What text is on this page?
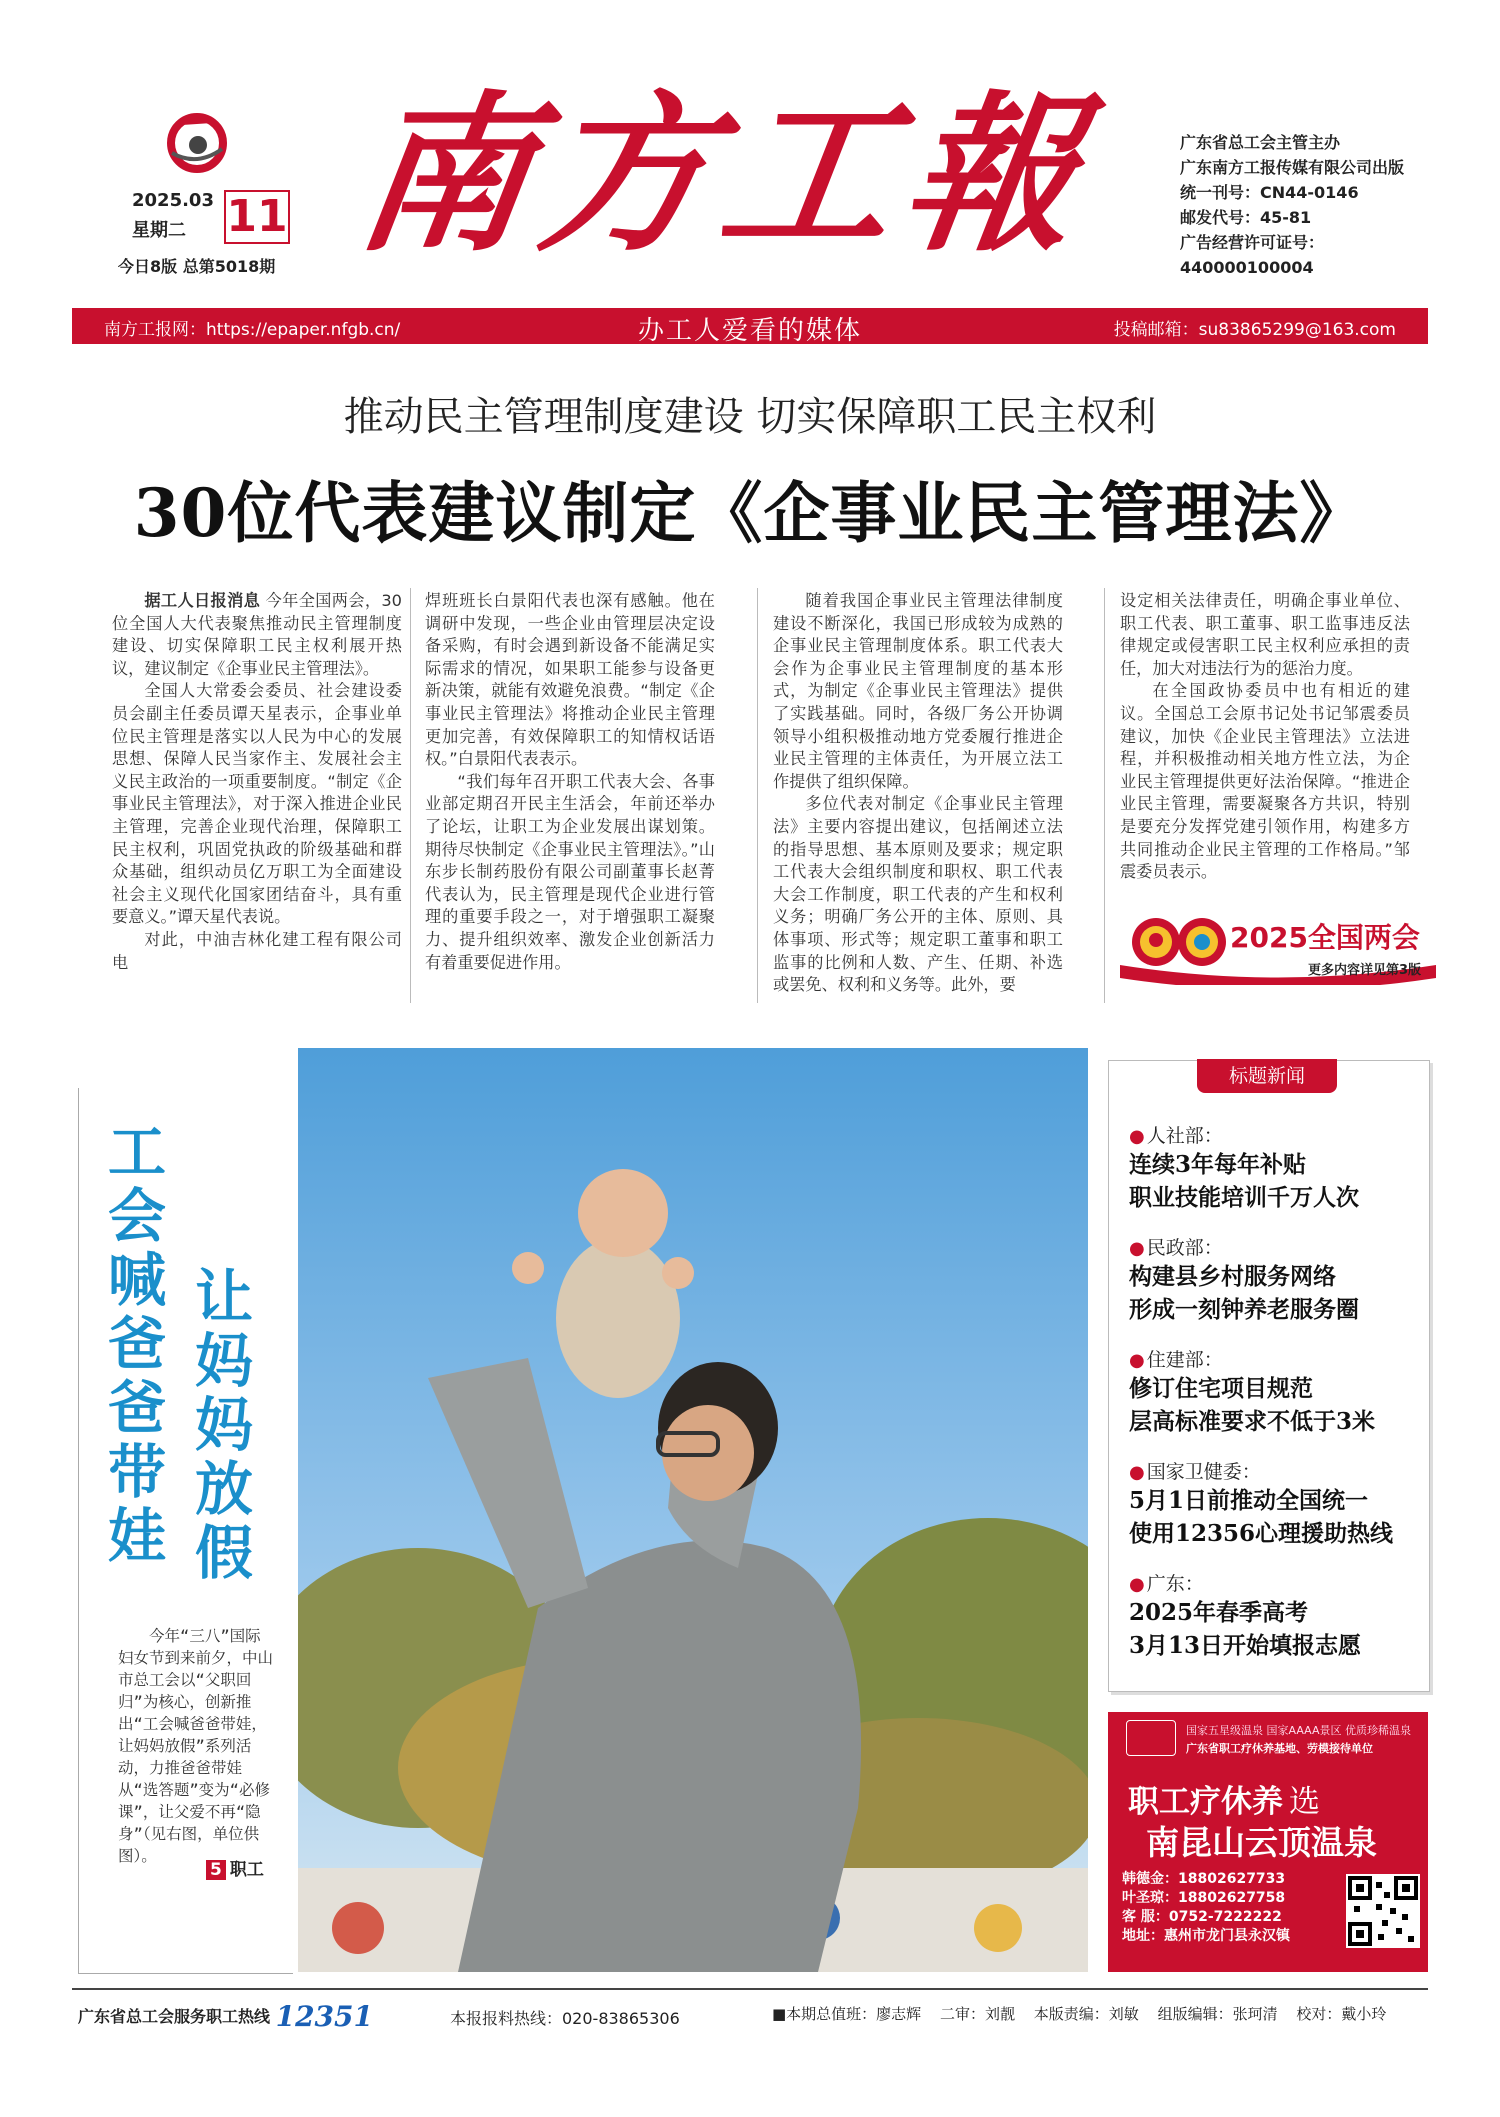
2025.03
星期二 11
今日8版 总第5018期 南方工報	广东省总工会主管主办
广东南方工报传媒有限公司出版
统一刊号：CN44-0146
邮发代号：45-81
广告经营许可证号：
440000100004
南方工报网：https://epaper.nfgb.cn/	办工人爱看的媒体	投稿邮箱：su83865299@163.com
推动民主管理制度建设 切实保障职工民主权利
30位代表建议制定《企事业民主管理法》

据工人日报消息 今年全国两会，30位全国人大代表聚焦推动民主管理制度建设、切实保障职工民主权利展开热议，建议制定《企事业民主管理法》。

全国人大常委会委员、社会建设委员会副主任委员谭天星表示，企事业单位民主管理是落实以人民为中心的发展思想、保障人民当家作主、发展社会主义民主政治的一项重要制度。“制定《企事业民主管理法》，对于深入推进企业民主管理，完善企业现代治理，保障职工民主权利，巩固党执政的阶级基础和群众基础，组织动员亿万职工为全面建设社会主义现代化国家团结奋斗，具有重要意义。”谭天星代表说。

对此，中油吉林化建工程有限公司电

焊班班长白景阳代表也深有感触。他在调研中发现，一些企业由管理层决定设备采购，有时会遇到新设备不能满足实际需求的情况，如果职工能参与设备更新决策，就能有效避免浪费。“制定《企事业民主管理法》将推动企业民主管理更加完善，有效保障职工的知情权话语权。”白景阳代表表示。

“我们每年召开职工代表大会、各事业部定期召开民主生活会，年前还举办了论坛，让职工为企业发展出谋划策。期待尽快制定《企事业民主管理法》。”山东步长制药股份有限公司副董事长赵菁代表认为，民主管理是现代企业进行管理的重要手段之一，对于增强职工凝聚力、提升组织效率、激发企业创新活力有着重要促进作用。

随着我国企事业民主管理法律制度建设不断深化，我国已形成较为成熟的企事业民主管理制度体系。职工代表大会作为企事业民主管理制度的基本形式，为制定《企事业民主管理法》提供了实践基础。同时，各级厂务公开协调领导小组积极推动地方党委履行推进企业民主管理的主体责任，为开展立法工作提供了组织保障。

多位代表对制定《企事业民主管理法》主要内容提出建议，包括阐述立法的指导思想、基本原则及要求；规定职工代表大会组织制度和职权、职工代表大会工作制度，职工代表的产生和权利义务；明确厂务公开的主体、原则、具体事项、形式等；规定职工董事和职工监事的比例和人数、产生、任期、补选或罢免、权利和义务等。此外，要

设定相关法律责任，明确企事业单位、职工代表、职工董事、职工监事违反法律规定或侵害职工民主权利应承担的责任，加大对违法行为的惩治力度。

在全国政协委员中也有相近的建议。全国总工会原书记处书记邹震委员建议，加快《企业民主管理法》立法进程，并积极推动相关地方性立法，为企业民主管理提供更好法治保障。“推进企业民主管理，需要凝聚各方共识，特别是要充分发挥党建引领作用，构建多方共同推动企业民主管理的工作格局。”邹震委员表示。

2025全国两会
更多内容详见第3版
工会喊爸爸带娃
让妈妈放假
今年“三八”国际妇女节到来前夕，中山市总工会以“父职回归”为核心，创新推出“工会喊爸爸带娃，让妈妈放假”系列活动，力推爸爸带娃从“选答题”变为“必修课”，让父爱不再“隐身”（见右图，单位供图）。
5 职工
标题新闻
● 人社部：
连续3年每年补贴
职业技能培训千万人次
● 民政部：
构建县乡村服务网络
形成一刻钟养老服务圈
● 住建部：
修订住宅项目规范
层高标准要求不低于3米
● 国家卫健委：
5月1日前推动全国统一
使用12356心理援助热线
● 广东：
2025年春季高考
3月13日开始填报志愿
国家五星级温泉 国家AAAA景区 优质珍稀温泉
广东省职工疗休养基地、劳模接待单位
职工疗休养 选
南昆山云顶温泉
韩德金：18802627733
叶圣琼：18802627758
客 服：0752-7222222
地址：惠州市龙门县永汉镇
广东省总工会服务职工热线 12351	本报报料热线：020-83865306	■本期总值班：廖志辉 二审：刘靓 本版责编：刘敏 组版编辑：张珂清 校对：戴小玲
